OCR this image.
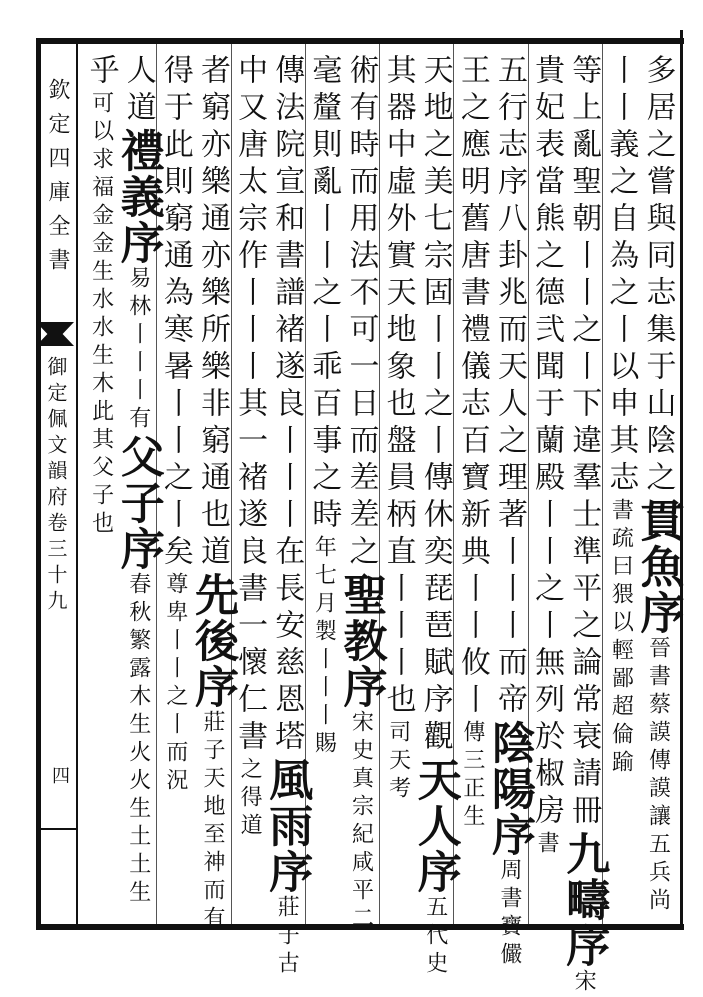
欽定四庫全書
御定佩文韻府卷三十九
四
多居之嘗與同志集于山陰之貫魚序晉書蔡謨傳謨讓五兵尚
丨丨義之自為之丨以申其志書疏曰猥以輕鄙超倫踰
等上亂聖朝丨丨之丨下違羣士準平之論常衰請冊九疇序宋
貴妃表當熊之德弐聞于蘭殿丨丨之丨無列於椒房書
五行志序八卦兆而天人之理著丨丨丨而帝陰陽序周書寶儼
王之應明舊唐書禮儀志百寶新典丨丨攸丨傳三正生
天地之美七宗固丨丨之丨傳休奕琵琶賦序觀天人序五代史
其器中虛外實天地象也盤員柄直丨丨丨也司天考
術有時而用法不可一日而差差之聖教序宋史真宗紀咸平二
毫釐則亂丨丨之丨乖百事之時年七月製丨丨丨賜
傳法院宣和書譜褚遂良丨丨丨在長安慈恩塔風雨序莊子古
中又唐太宗作丨丨丨其一褚遂良書一懷仁書之得道
者窮亦樂通亦樂所樂非窮通也道先後序莊子天地至神而有
得于此則窮通為寒暑丨丨之丨矣尊卑丨丨之丨而況
人道禮義序易林丨丨丨有父子序春秋繁露木生火火生土土生
乎可以求福金金生水水生木此其父子也
